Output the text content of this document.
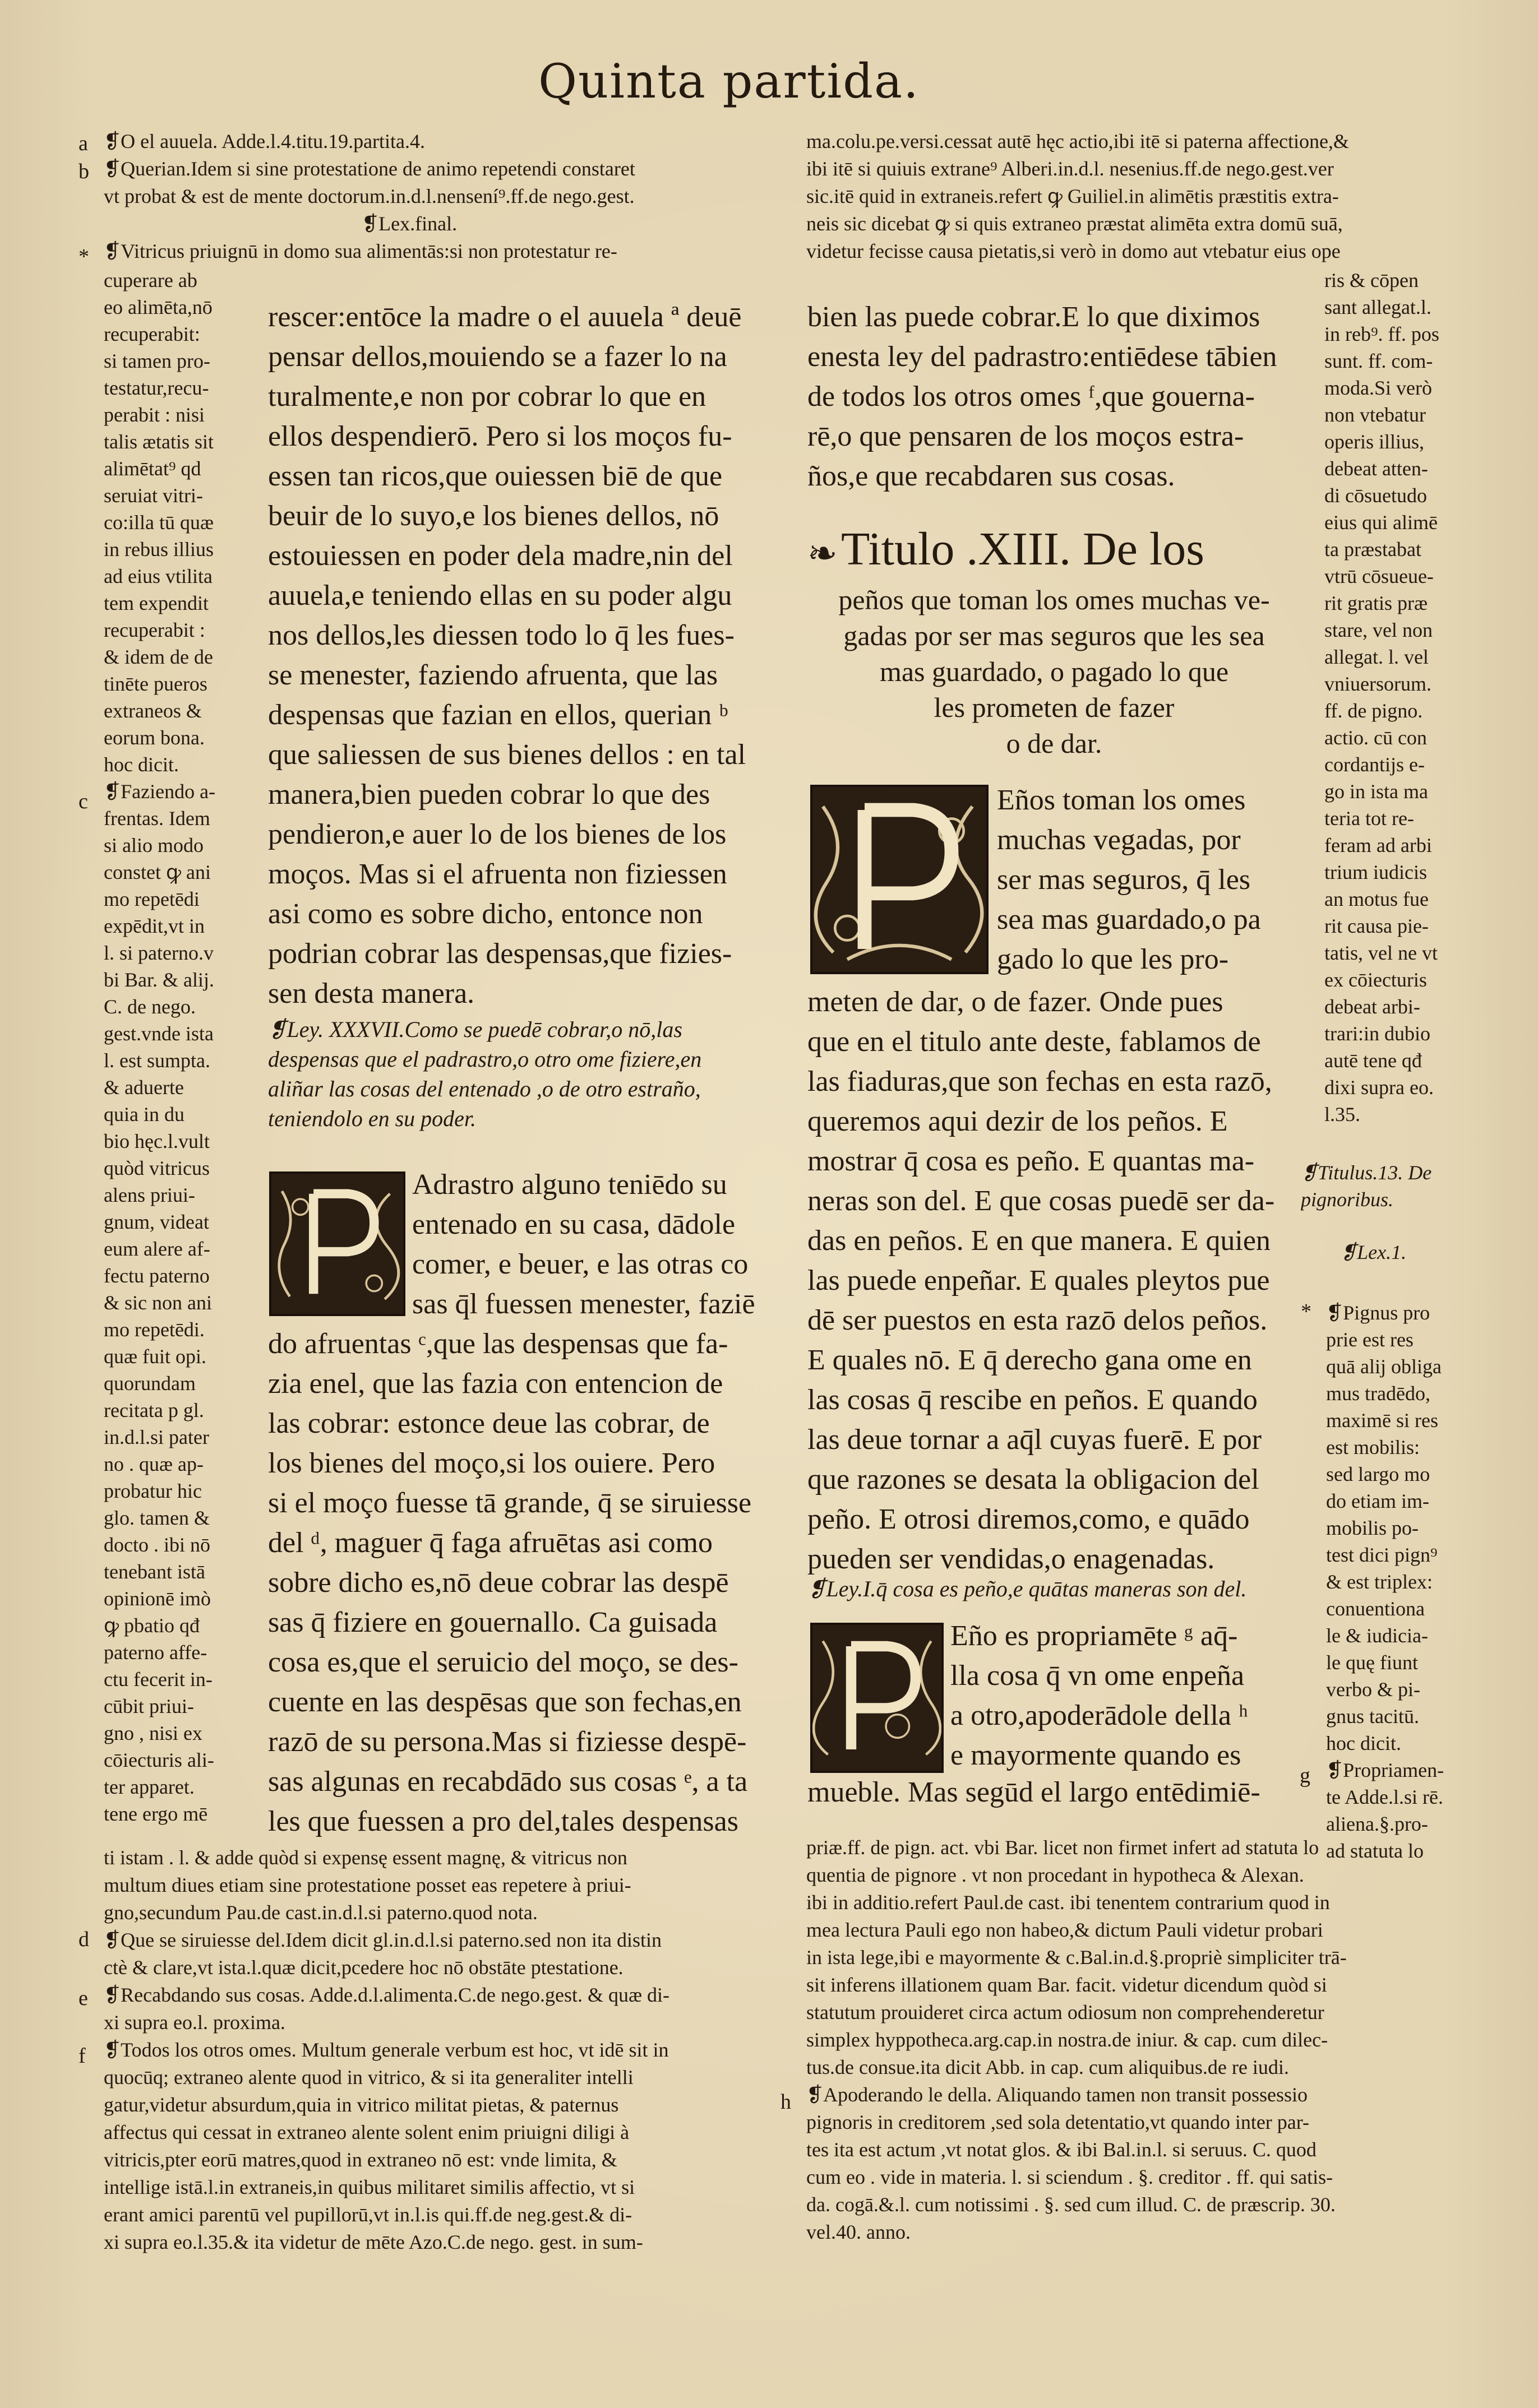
Quinta partida.
a
b
*
c
d
e
f
*
g
h
❡O el auuela. Adde.l.4.titu.19.partita.4.
❡Querian.Idem si sine protestatione de animo repetendi constaret
vt probat & est de mente doctorum.in.d.l.nensení⁹.ff.de nego.gest.
❡Lex.final.
❡Vitricus priuignū in domo sua alimentās:si non protestatur re-
cuperare ab
eo alimēta,nō
recuperabit:
si tamen pro-
testatur,recu-
perabit : nisi
talis ætatis sit
alimētat⁹ qd
seruiat vitri-
co:illa tū quæ
in rebus illius
ad eius vtilita
tem expendit
recuperabit :
& idem de de
tinēte pueros
extraneos &
eorum bona.
hoc dicit.
❡Faziendo a-
frentas. Idem
si alio modo
constet ꝙ ani
mo repetēdi
expēdit,vt in
l. si paterno.v
bi Bar. & alij.
C. de nego.
gest.vnde ista
l. est sumpta.
& aduerte
quia in du
bio hęc.l.vult
quòd vitricus
alens priui-
gnum, videat
eum alere af-
fectu paterno
& sic non ani
mo repetēdi.
quæ fuit opi.
quorundam
recitata p gl.
in.d.l.si pater
no . quæ ap-
probatur hic
glo. tamen &
docto . ibi nō
tenebant istā
opinionē imò
ꝙ pbatio qđ
paterno affe-
ctu fecerit in-
cūbit priui-
gno , nisi ex
cōiecturis ali-
ter apparet.
tene ergo mē
rescer:entōce la madre o el auuela ª deuē
pensar dellos,mouiendo se a fazer lo na
turalmente,e non por cobrar lo que en
ellos despendierō. Pero si los moços fu-
essen tan ricos,que ouiessen biē de que
beuir de lo suyo,e los bienes dellos, nō
estouiessen en poder dela madre,nin del
auuela,e teniendo ellas en su poder algu
nos dellos,les diessen todo lo q̄ les fues-
se menester, faziendo afruenta, que las
despensas que fazian en ellos, querian ᵇ
que saliessen de sus bienes dellos : en tal
manera,bien pueden cobrar lo que des
pendieron,e auer lo de los bienes de los
moços. Mas si el afruenta non fiziessen
asi como es sobre dicho, entonce non
podrian cobrar las despensas,que fizies-
sen desta manera.
❡Ley. XXXVII.Como se puedē cobrar,o nō,las
despensas que el padrastro,o otro ome fiziere,en
aliñar las cosas del entenado ,o de otro estraño,
teniendolo en su poder.
Adrastro alguno teniēdo su
entenado en su casa, dādole
comer, e beuer, e las otras co
sas q̄l fuessen menester, faziē
do afruentas ᶜ,que las despensas que fa-
zia enel, que las fazia con entencion de
las cobrar: estonce deue las cobrar, de
los bienes del moço,si los ouiere. Pero
si el moço fuesse tā grande, q̄ se siruiesse
del ᵈ, maguer q̄ faga afruētas asi como
sobre dicho es,nō deue cobrar las despē
sas q̄ fiziere en gouernallo. Ca guisada
cosa es,que el seruicio del moço, se des-
cuente en las despēsas que son fechas,en
razō de su persona.Mas si fiziesse despē-
sas algunas en recabdādo sus cosas ᵉ, a ta
les que fuessen a pro del,tales despensas
ti istam . l. & adde quòd si expensę essent magnę, & vitricus non
multum diues etiam sine protestatione posset eas repetere à priui-
gno,secundum Pau.de cast.in.d.l.si paterno.quod nota.
❡Que se siruiesse del.Idem dicit gl.in.d.l.si paterno.sed non ita distin
ctè & clare,vt ista.l.quæ dicit,pcedere hoc nō obstāte ptestatione.
❡Recabdando sus cosas. Adde.d.l.alimenta.C.de nego.gest. & quæ di-
xi supra eo.l. proxima.
❡Todos los otros omes. Multum generale verbum est hoc, vt idē sit in
quocūq; extraneo alente quod in vitrico, & si ita generaliter intelli
gatur,videtur absurdum,quia in vitrico militat pietas, & paternus
affectus qui cessat in extraneo alente solent enim priuigni diligi à
vitricis,pter eorū matres,quod in extraneo nō est: vnde limita, &
intellige istā.l.in extraneis,in quibus militaret similis affectio, vt si
erant amici parentū vel pupillorū,vt in.l.is qui.ff.de neg.gest.& di-
xi supra eo.l.35.& ita videtur de mēte Azo.C.de nego. gest. in sum-
ma.colu.pe.versi.cessat autē hęc actio,ibi itē si paterna affectione,&
ibi itē si quiuis extrane⁹ Alberi.in.d.l. nesenius.ff.de nego.gest.ver
sic.itē quid in extraneis.refert ꝙ Guiliel.in alimētis præstitis extra-
neis sic dicebat ꝙ si quis extraneo præstat alimēta extra domū suā,
videtur fecisse causa pietatis,si verò in domo aut vtebatur eius ope
bien las puede cobrar.E lo que diximos
enesta ley del padrastro:entiēdese tābien
de todos los otros omes ᶠ,que gouerna-
rē,o que pensaren de los moços estra-
ños,e que recabdaren sus cosas.
❧Titulo .XIII. De los
peños que toman los omes muchas ve-
gadas por ser mas seguros que les sea
mas guardado, o pagado lo que
les prometen de fazer
o de dar.
Eños toman los omes
muchas vegadas, por
ser mas seguros, q̄ les
sea mas guardado,o pa
gado lo que les pro-
meten de dar, o de fazer. Onde pues
que en el titulo ante deste, fablamos de
las fiaduras,que son fechas en esta razō,
queremos aqui dezir de los peños. E
mostrar q̄ cosa es peño. E quantas ma-
neras son del. E que cosas puedē ser da-
das en peños. E en que manera. E quien
las puede enpeñar. E quales pleytos pue
dē ser puestos en esta razō delos peños.
E quales nō. E q̄ derecho gana ome en
las cosas q̄ rescibe en peños. E quando
las deue tornar a aq̄l cuyas fuerē. E por
que razones se desata la obligacion del
peño. E otrosi diremos,como, e quādo
pueden ser vendidas,o enagenadas.
❡Ley.I.q̄ cosa es peño,e quātas maneras son del.
Eño es propriamēte ᵍ aq̄-
lla cosa q̄ vn ome enpeña
a otro,apoderādole della ʰ
e mayormente quando es
mueble. Mas segūd el largo entēdimiē-
ris & cōpen
sant allegat.l.
in reb⁹. ff. pos
sunt. ff. com-
moda.Si verò
non vtebatur
operis illius,
debeat atten-
di cōsuetudo
eius qui alimē
ta præstabat
vtrū cōsueue-
rit gratis præ
stare, vel non
allegat. l. vel
vniuersorum.
ff. de pigno.
actio. cū con
cordantijs e-
go in ista ma
teria tot re-
feram ad arbi
trium iudicis
an motus fue
rit causa pie-
tatis, vel ne vt
ex cōiecturis
debeat arbi-
trari:in dubio
autē tene qđ
dixi supra eo.
l.35.
❡Titulus.13. De
pignoribus.
❡Lex.1.
❡Pignus pro
prie est res
quā alij obliga
mus tradēdo,
maximē si res
est mobilis:
sed largo mo
do etiam im-
mobilis po-
test dici pign⁹
& est triplex:
conuentiona
le & iudicia-
le quę fiunt
verbo & pi-
gnus tacitū.
hoc dicit.
❡Propriamen-
te Adde.l.si rē.
aliena.§.pro-
ad statuta lo
priæ.ff. de pign. act. vbi Bar. licet non firmet infert ad statuta lo
quentia de pignore . vt non procedant in hypotheca & Alexan.
ibi in additio.refert Paul.de cast. ibi tenentem contrarium quod in
mea lectura Pauli ego non habeo,& dictum Pauli videtur probari
in ista lege,ibi e mayormente & c.Bal.in.d.§.propriè simpliciter trā-
sit inferens illationem quam Bar. facit. videtur dicendum quòd si
statutum prouideret circa actum odiosum non comprehenderetur
simplex hyppotheca.arg.cap.in nostra.de iniur. & cap. cum dilec-
tus.de consue.ita dicit Abb. in cap. cum aliquibus.de re iudi.
❡Apoderando le della. Aliquando tamen non transit possessio
pignoris in creditorem ,sed sola detentatio,vt quando inter par-
tes ita est actum ,vt notat glos. & ibi Bal.in.l. si seruus. C. quod
cum eo . vide in materia. l. si sciendum . §. creditor . ff. qui satis-
da. cogā.&.l. cum notissimi . §. sed cum illud. C. de præscrip. 30.
vel.40. anno.
